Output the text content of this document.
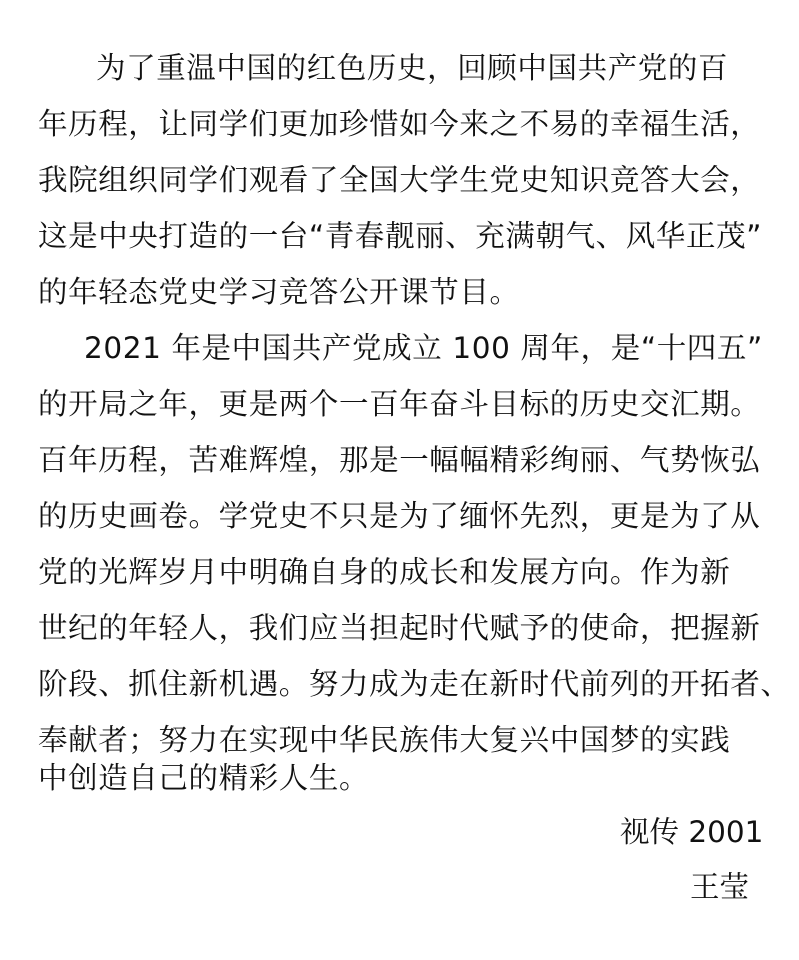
为了重温中国的红色历史，回顾中国共产党的百
年历程，让同学们更加珍惜如今来之不易的幸福生活，
我院组织同学们观看了全国大学生党史知识竞答大会，
这是中央打造的一台“青春靓丽、充满朝气、风华正茂”
的年轻态党史学习竞答公开课节目。
2021 年是中国共产党成立 100 周年，是“十四五”
的开局之年，更是两个一百年奋斗目标的历史交汇期。
百年历程，苦难辉煌，那是一幅幅精彩绚丽、气势恢弘
的历史画卷。学党史不只是为了缅怀先烈，更是为了从
党的光辉岁月中明确自身的成长和发展方向。作为新
世纪的年轻人，我们应当担起时代赋予的使命，把握新
阶段、抓住新机遇。努力成为走在新时代前列的开拓者、
奉献者；努力在实现中华民族伟大复兴中国梦的实践
中创造自己的精彩人生。
视传 2001
王莹
